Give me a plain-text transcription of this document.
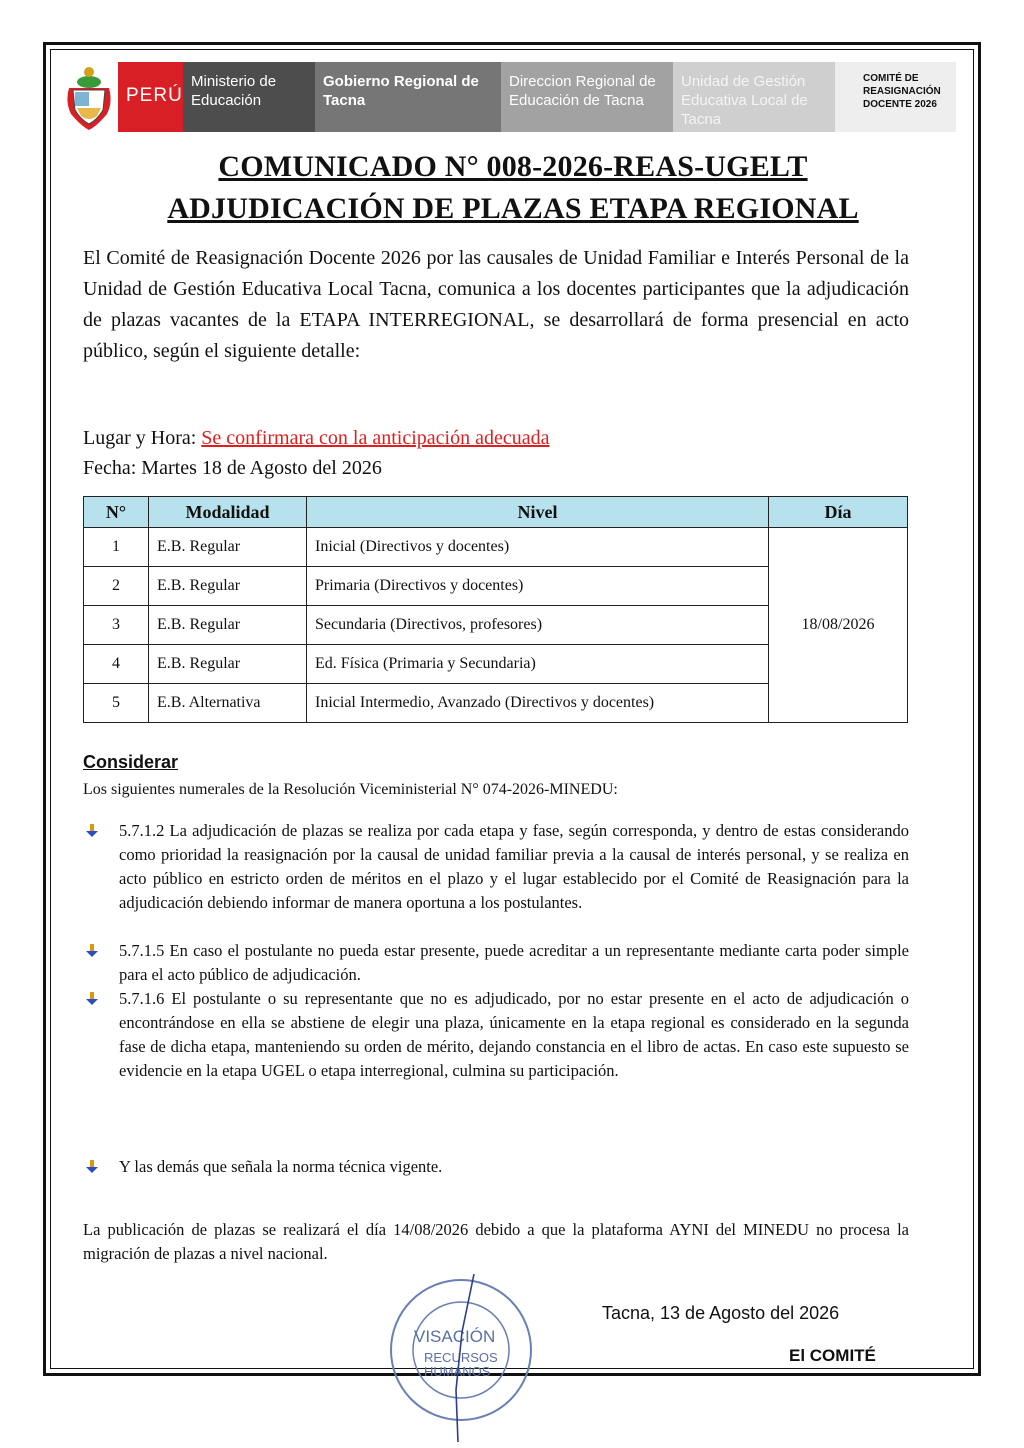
PERÚ
Ministerio de Educación
Gobierno Regional de Tacna
Direccion Regional de Educación de Tacna
Unidad de Gestión Educativa Local de Tacna
COMITÉ DE REASIGNACIÓN DOCENTE 2026
COMUNICADO N° 008-2026-REAS-UGELT
ADJUDICACIÓN DE PLAZAS ETAPA REGIONAL
El Comité de Reasignación Docente 2026 por las causales de Unidad Familiar e Interés Personal de la Unidad de Gestión Educativa Local Tacna, comunica a los docentes participantes que la adjudicación de plazas vacantes de la ETAPA INTERREGIONAL, se desarrollará de forma presencial en acto público, según el siguiente detalle:
Lugar y Hora: Se confirmara con la anticipación adecuada
Fecha: Martes 18 de Agosto del 2026
N°	Modalidad	Nivel	Día
1	E.B. Regular	Inicial (Directivos y docentes)	18/08/2026
2	E.B. Regular	Primaria (Directivos y docentes)	
3	E.B. Regular	Secundaria (Directivos, profesores)	
4	E.B. Regular	Ed. Física (Primaria y Secundaria)	
5	E.B. Alternativa	Inicial Intermedio, Avanzado (Directivos y docentes)	
Considerar
Los siguientes numerales de la Resolución Viceministerial N° 074-2026-MINEDU:
5.7.1.2 La adjudicación de plazas se realiza por cada etapa y fase, según corresponda, y dentro de estas considerando como prioridad la reasignación por la causal de unidad familiar previa a la causal de interés personal, y se realiza en acto público en estricto orden de méritos en el plazo y el lugar establecido por el Comité de Reasignación para la adjudicación debiendo informar de manera oportuna a los postulantes.
5.7.1.5 En caso el postulante no pueda estar presente, puede acreditar a un representante mediante carta poder simple para el acto público de adjudicación.
5.7.1.6 El postulante o su representante que no es adjudicado, por no estar presente en el acto de adjudicación o encontrándose en ella se abstiene de elegir una plaza, únicamente en la etapa regional es considerado en la segunda fase de dicha etapa, manteniendo su orden de mérito, dejando constancia en el libro de actas. En caso este supuesto se evidencie en la etapa UGEL o etapa interregional, culmina su participación.
Y las demás que señala la norma técnica vigente.
La publicación de plazas se realizará el día 14/08/2026 debido a que la plataforma AYNI del MINEDU no procesa la migración de plazas a nivel nacional.
VISACIÓN
RECURSOS
HUMANOS
Tacna, 13 de Agosto del 2026
El COMITÉ
